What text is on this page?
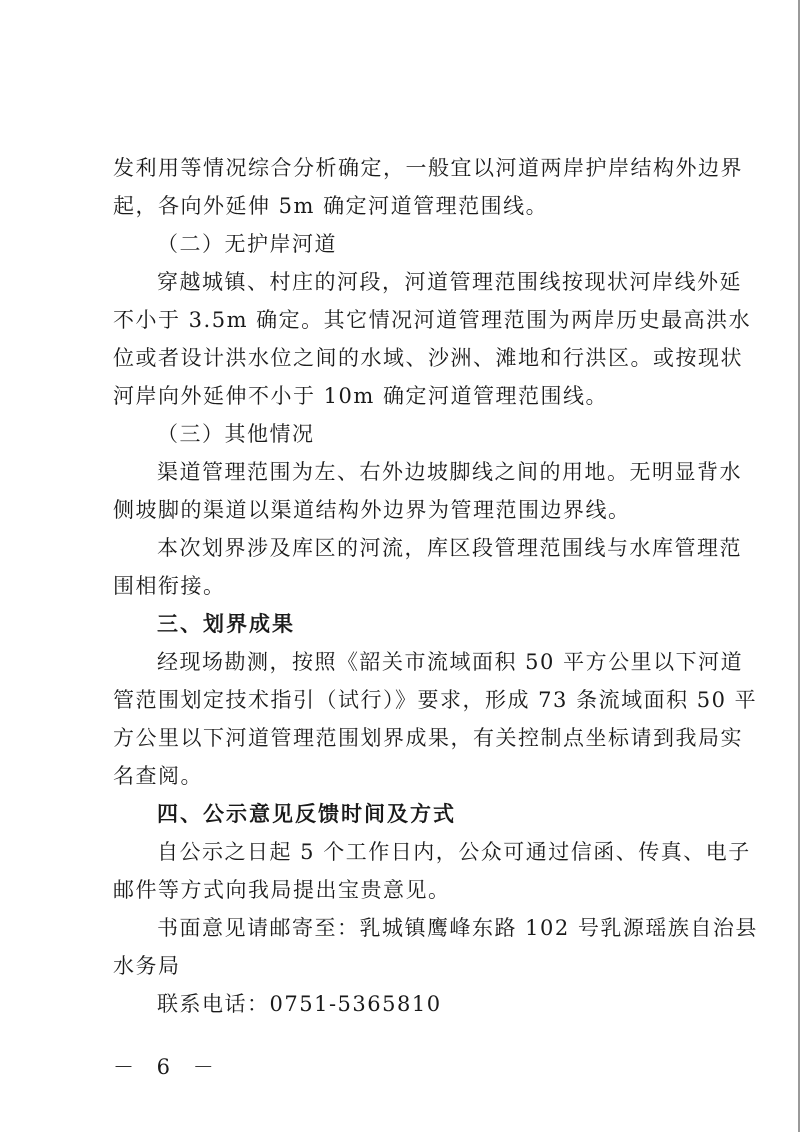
发利用等情况综合分析确定，一般宜以河道两岸护岸结构外边界
起，各向外延伸 5m 确定河道管理范围线。
（二）无护岸河道
穿越城镇、村庄的河段，河道管理范围线按现状河岸线外延
不小于 3.5m 确定。其它情况河道管理范围为两岸历史最高洪水
位或者设计洪水位之间的水域、沙洲、滩地和行洪区。或按现状
河岸向外延伸不小于 10m 确定河道管理范围线。
（三）其他情况
渠道管理范围为左、右外边坡脚线之间的用地。无明显背水
侧坡脚的渠道以渠道结构外边界为管理范围边界线。
本次划界涉及库区的河流，库区段管理范围线与水库管理范
围相衔接。
三、划界成果
经现场勘测，按照《韶关市流域面积 50 平方公里以下河道
管范围划定技术指引（试行）》要求，形成 73 条流域面积 50 平
方公里以下河道管理范围划界成果，有关控制点坐标请到我局实
名查阅。
四、公示意见反馈时间及方式
自公示之日起 5 个工作日内，公众可通过信函、传真、电子
邮件等方式向我局提出宝贵意见。
书面意见请邮寄至：乳城镇鹰峰东路 102 号乳源瑶族自治县
水务局
联系电话：0751-5365810
－ 6 －
